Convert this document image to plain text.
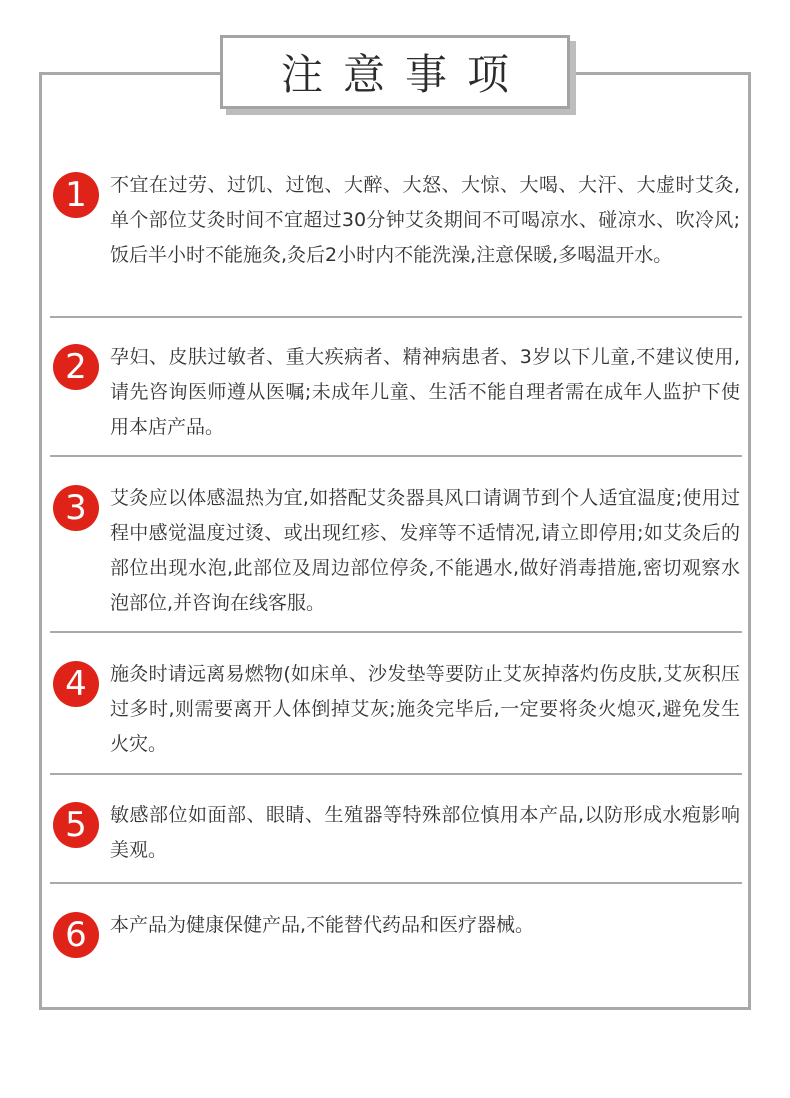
注意事项
1	不宜在过劳、过饥、过饱、大醉、大怒、大惊、大喝、大汗、大虚时艾灸,单个部位艾灸时间不宜超过30分钟艾灸期间不可喝凉水、碰凉水、吹冷风;饭后半小时不能施灸,灸后2小时内不能洗澡,注意保暖,多喝温开水。
2	孕妇、皮肤过敏者、重大疾病者、精神病患者、3岁以下儿童,不建议使用,请先咨询医师遵从医嘱;未成年儿童、生活不能自理者需在成年人监护下使用本店产品。
3	艾灸应以体感温热为宜,如搭配艾灸器具风口请调节到个人适宜温度;使用过程中感觉温度过烫、或出现红疹、发痒等不适情况,请立即停用;如艾灸后的部位出现水泡,此部位及周边部位停灸,不能遇水,做好消毒措施,密切观察水泡部位,并咨询在线客服。
4	施灸时请远离易燃物(如床单、沙发垫等要防止艾灰掉落灼伤皮肤,艾灰积压过多时,则需要离开人体倒掉艾灰;施灸完毕后,一定要将灸火熄灭,避免发生火灾。
5	敏感部位如面部、眼睛、生殖器等特殊部位慎用本产品,以防形成水疱影响美观。
6	本产品为健康保健产品,不能替代药品和医疗器械。
